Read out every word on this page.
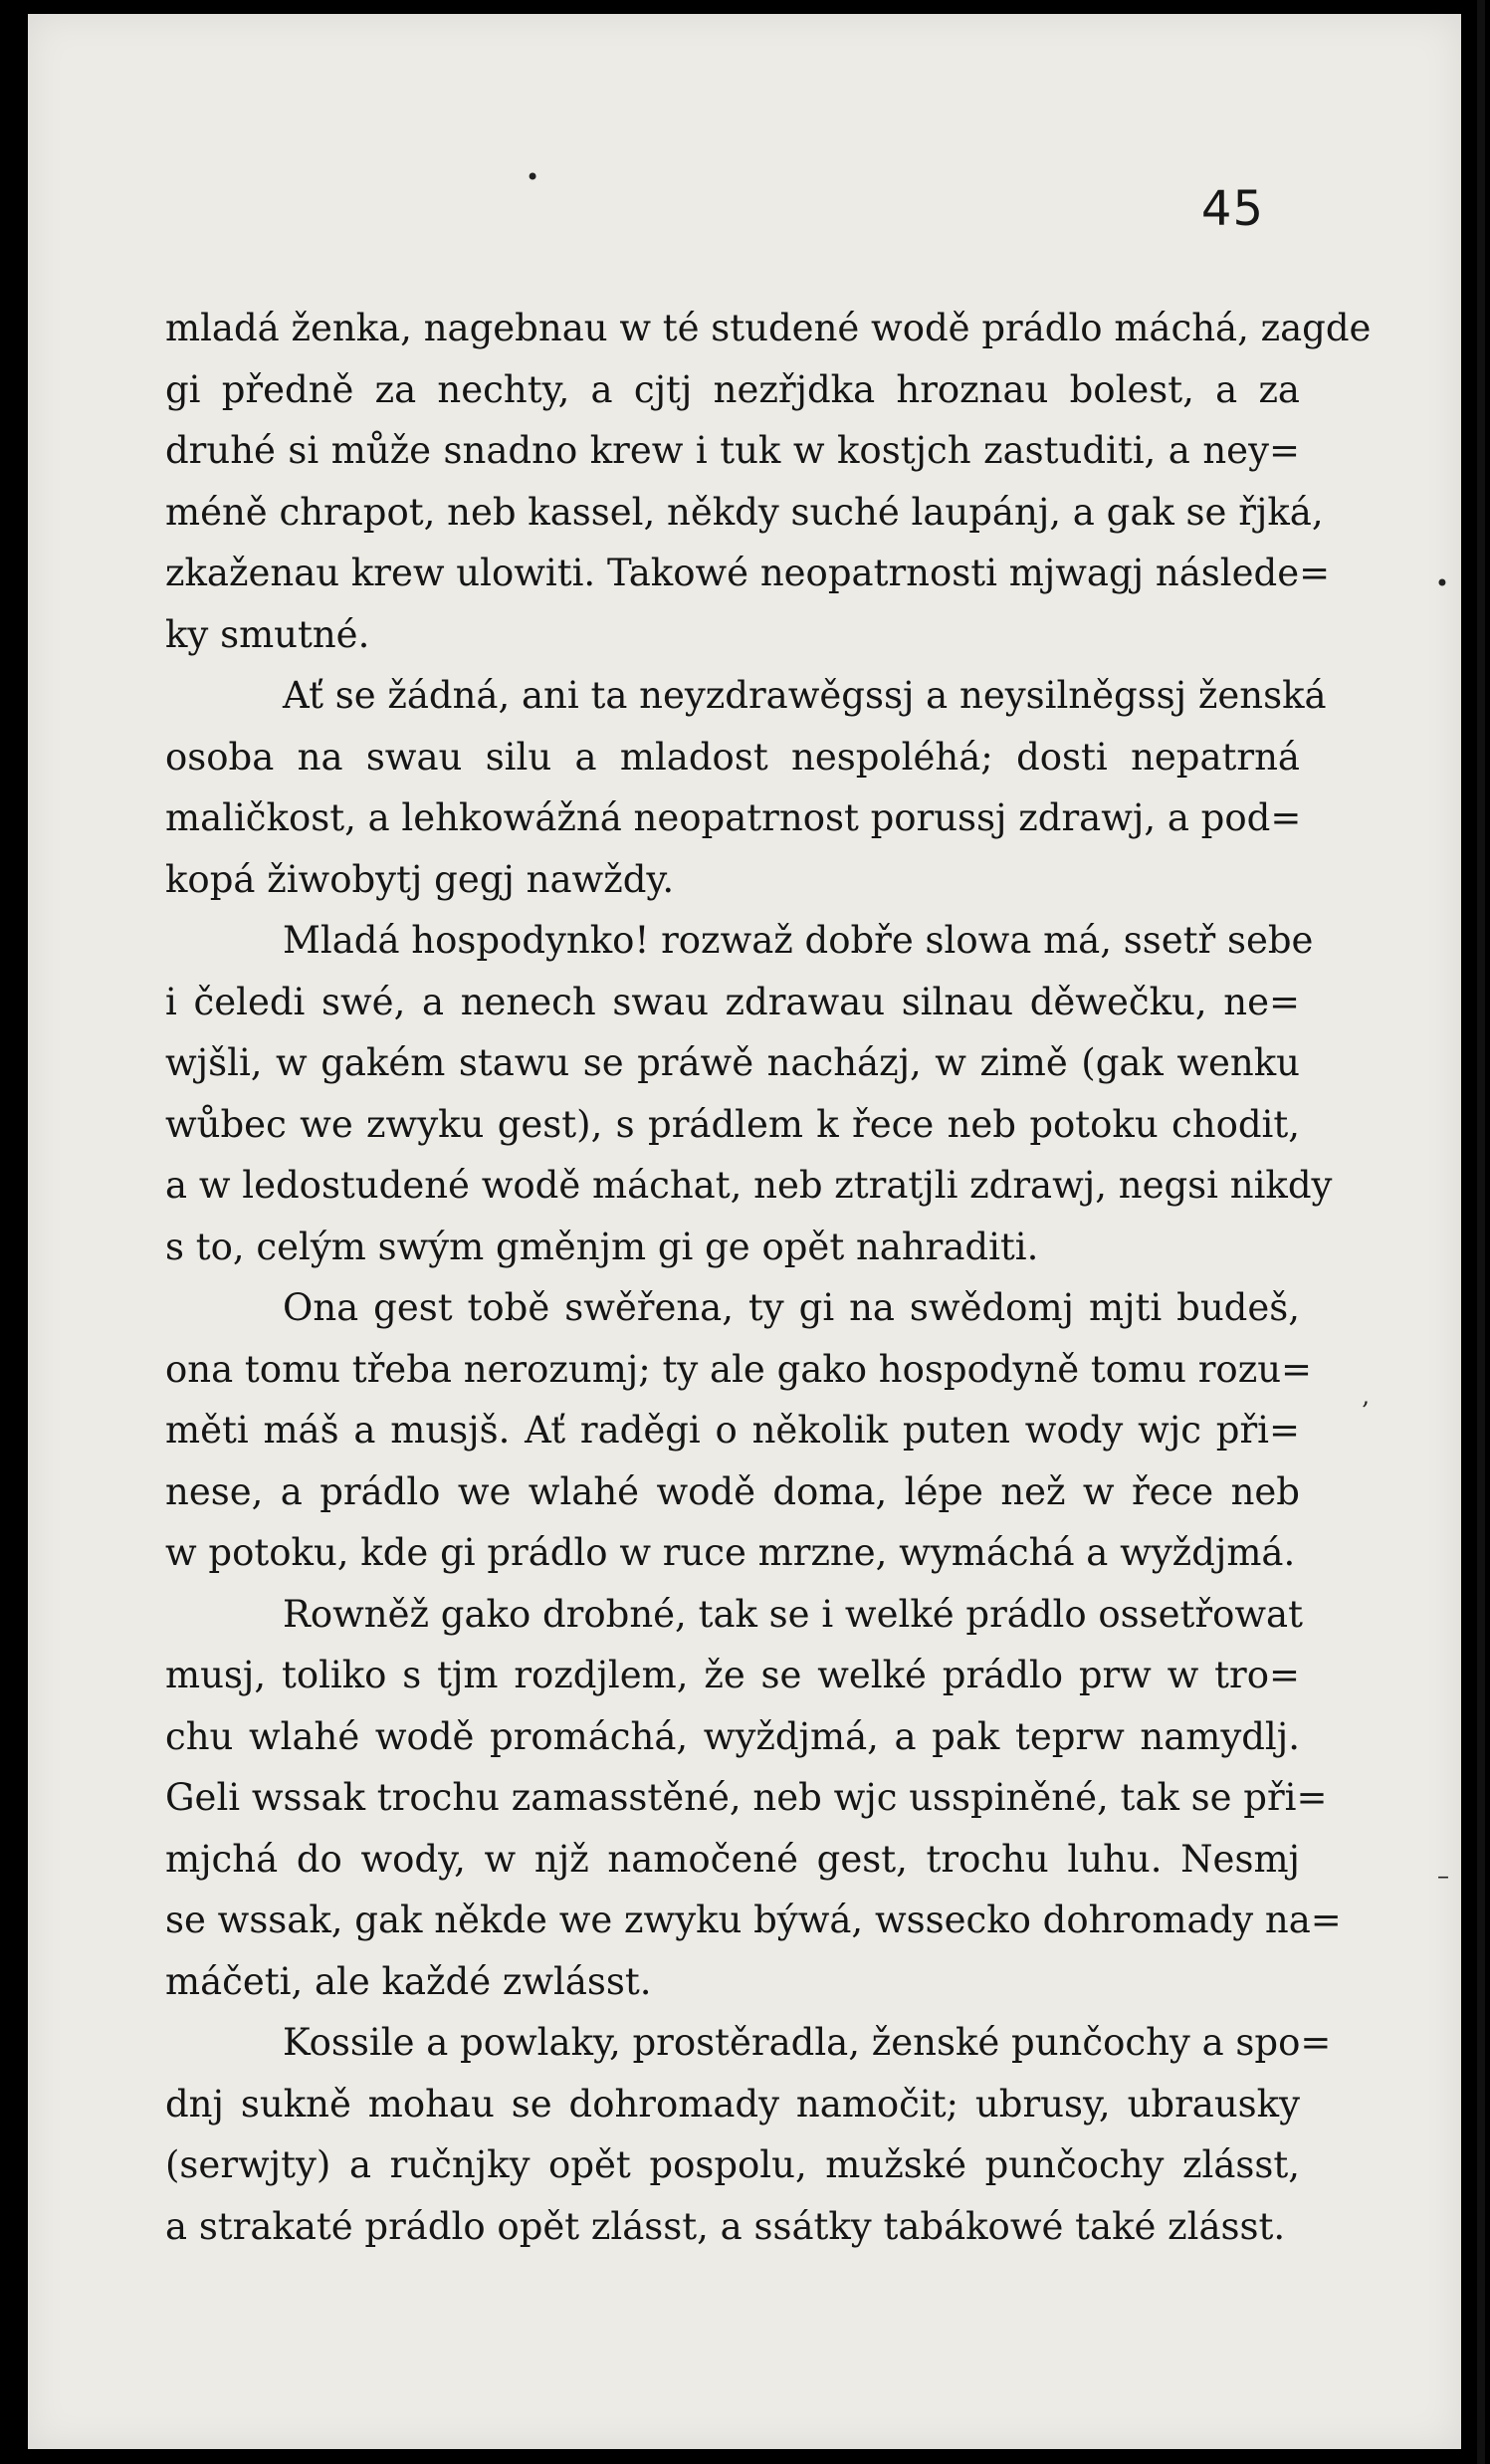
45
mladá ženka, nagebnau w té studené wodě prádlo máchá, zagde
gi předně za nechty, a cjtj nezřjdka hroznau bolest, a za
druhé si může snadno krew i tuk w kostjch zastuditi, a ney=
méně chrapot, neb kassel, někdy suché laupánj, a gak se řjká,
zkaženau krew ulowiti. Takowé neopatrnosti mjwagj následe=
ky smutné.
Ať se žádná, ani ta neyzdrawěgssj a neysilněgssj ženská
osoba na swau silu a mladost nespoléhá; dosti nepatrná
maličkost, a lehkowážná neopatrnost porussj zdrawj, a pod=
kopá žiwobytj gegj nawždy.
Mladá hospodynko! rozwaž dobře slowa má, ssetř sebe
i čeledi swé, a nenech swau zdrawau silnau děwečku, ne=
wjšli, w gakém stawu se práwě nacházj, w zimě (gak wenku
wůbec we zwyku gest), s prádlem k řece neb potoku chodit,
a w ledostudené wodě máchat, neb ztratjli zdrawj, negsi nikdy
s to, celým swým gměnjm gi ge opět nahraditi.
Ona gest tobě swěřena, ty gi na swědomj mjti budeš,
ona tomu třeba nerozumj; ty ale gako hospodyně tomu rozu=
měti máš a musjš. Ať raděgi o několik puten wody wjc při=
nese, a prádlo we wlahé wodě doma, lépe než w řece neb
w potoku, kde gi prádlo w ruce mrzne, wymáchá a wyždjmá.
Rowněž gako drobné, tak se i welké prádlo ossetřowat
musj, toliko s tjm rozdjlem, že se welké prádlo prw w tro=
chu wlahé wodě promáchá, wyždjmá, a pak teprw namydlj.
Geli wssak trochu zamasstěné, neb wjc usspiněné, tak se při=
mjchá do wody, w njž namočené gest, trochu luhu. Nesmj
se wssak, gak někde we zwyku býwá, wssecko dohromady na=
máčeti, ale každé zwlásst.
Kossile a powlaky, prostěradla, ženské punčochy a spo=
dnj sukně mohau se dohromady namočit; ubrusy, ubrausky
(serwjty) a ručnjky opět pospolu, mužské punčochy zlásst,
a strakaté prádlo opět zlásst, a ssátky tabákowé také zlásst.
•
•
–
,
